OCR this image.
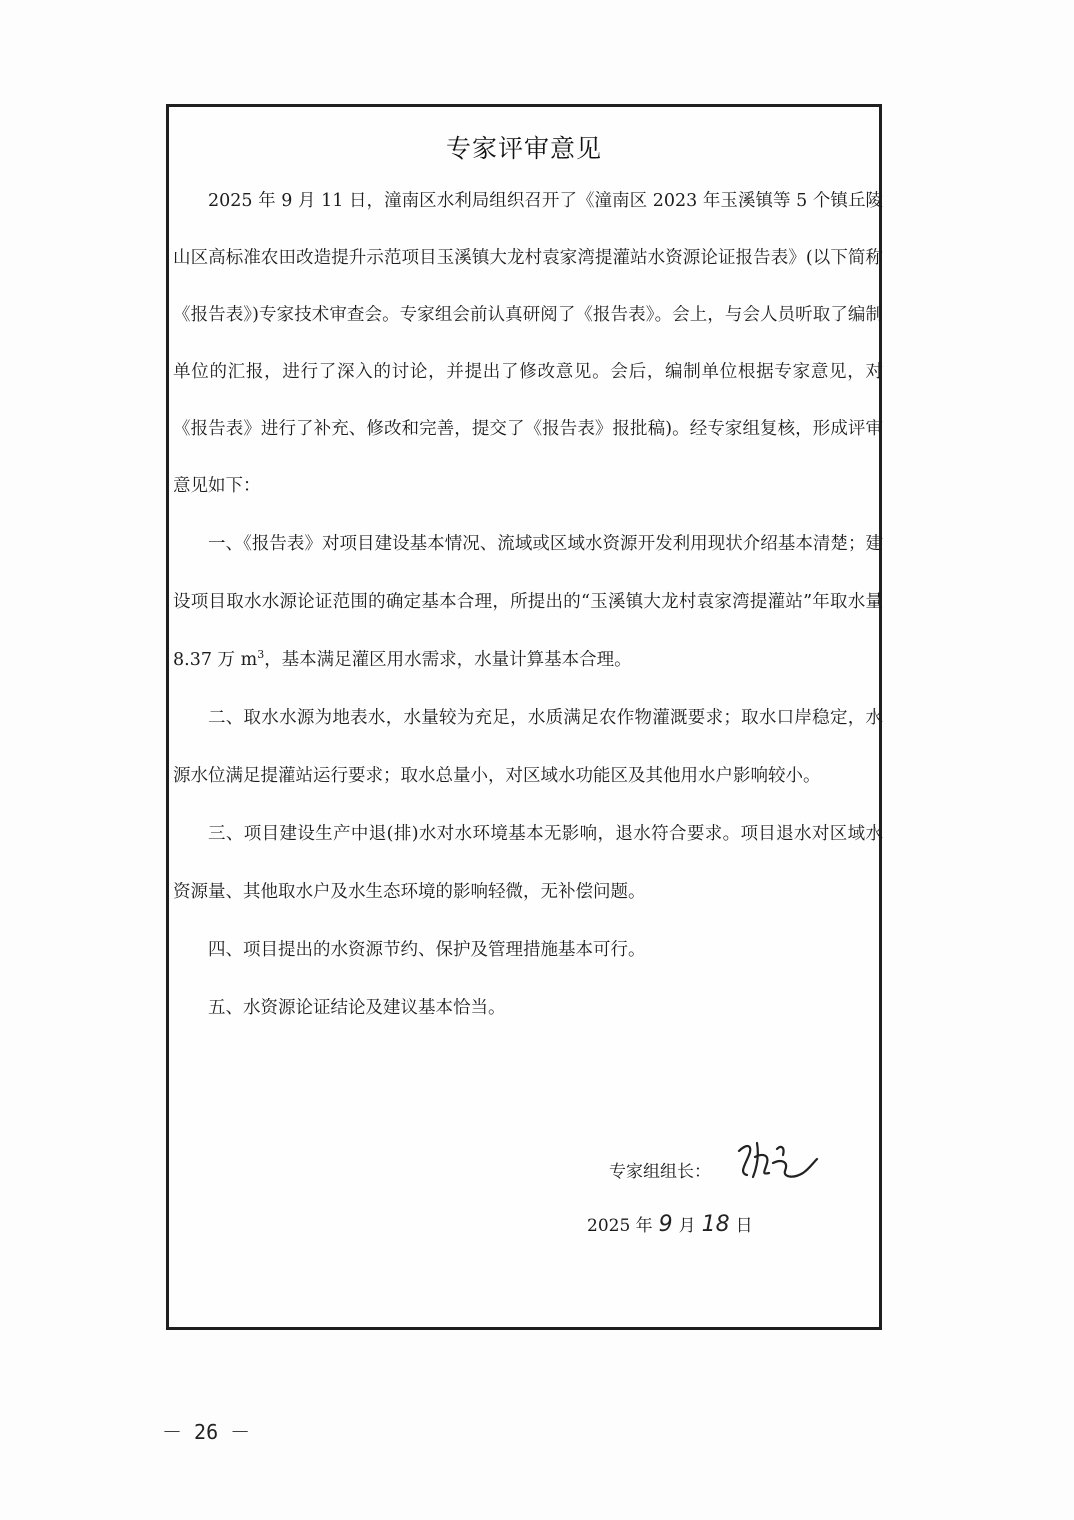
专家评审意见

2025 年 9 月 11 日，潼南区水利局组织召开了《潼南区 2023 年玉溪镇等 5 个镇丘陵山区高标准农田改造提升示范项目玉溪镇大龙村袁家湾提灌站水资源论证报告表》(以下简称《报告表》)专家技术审查会。专家组会前认真研阅了《报告表》。会上，与会人员听取了编制单位的汇报，进行了深入的讨论，并提出了修改意见。会后，编制单位根据专家意见，对《报告表》进行了补充、修改和完善，提交了《报告表》报批稿)。经专家组复核，形成评审意见如下：

一、《报告表》对项目建设基本情况、流域或区域水资源开发利用现状介绍基本清楚；建设项目取水水源论证范围的确定基本合理，所提出的“玉溪镇大龙村袁家湾提灌站”年取水量 8.37 万 $m^3$，基本满足灌区用水需求，水量计算基本合理。

二、取水水源为地表水，水量较为充足，水质满足农作物灌溉要求；取水口岸稳定，水源水位满足提灌站运行要求；取水总量小，对区域水功能区及其他用水户影响较小。

三、项目建设生产中退(排)水对水环境基本无影响，退水符合要求。项目退水对区域水资源量、其他取水户及水生态环境的影响轻微，无补偿问题。

四、项目提出的水资源节约、保护及管理措施基本可行。

五、水资源论证结论及建议基本恰当。

专家组组长：
2025 年 9 月 18 日
－ 26 －
